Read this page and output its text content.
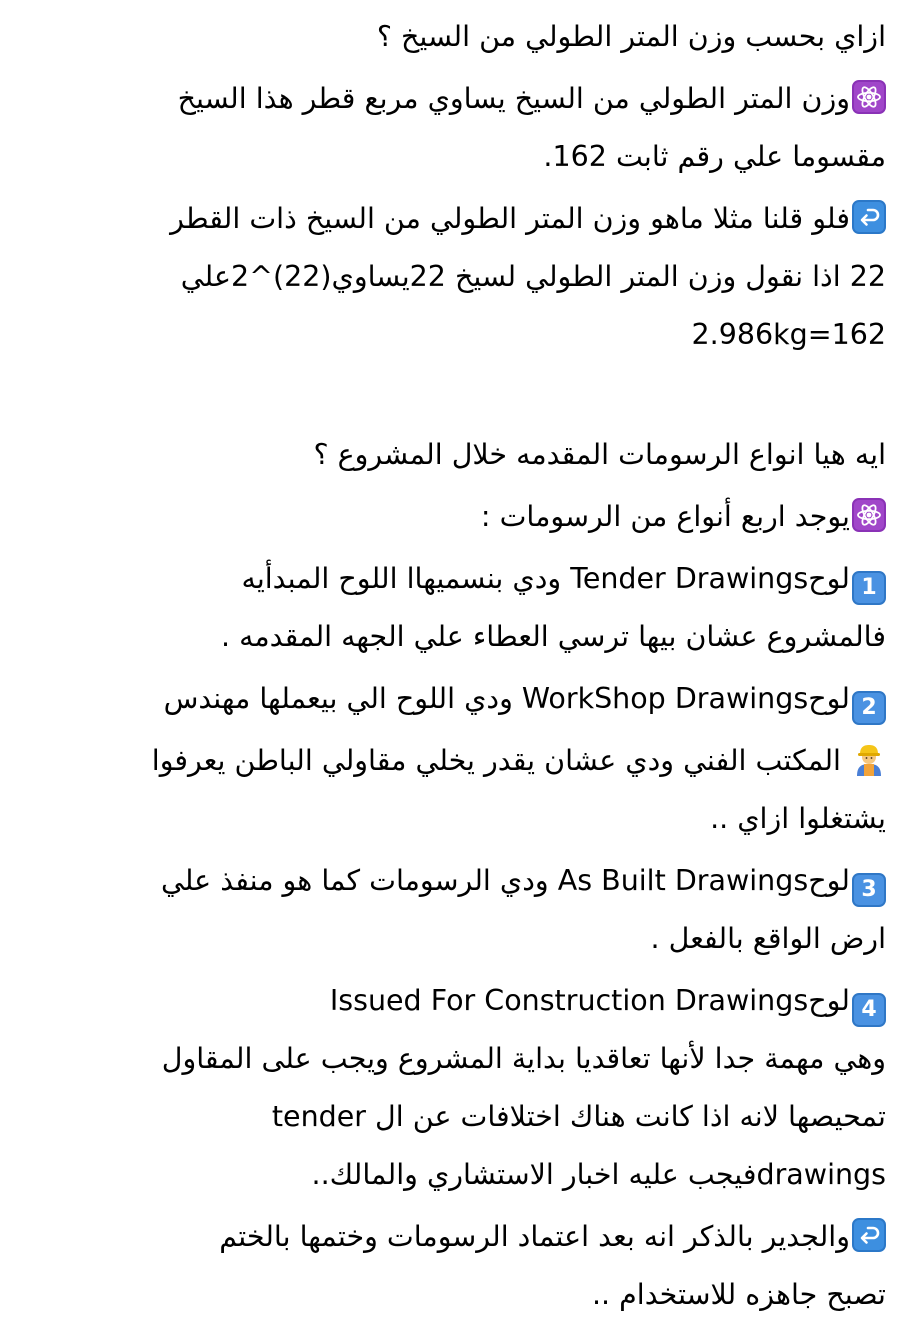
ازاي بحسب وزن المتر الطولي من السيخ ؟
وزن المتر الطولي من السيخ يساوي مربع قطر هذا السيخ
مقسوما علي رقم ثابت 162.
فلو قلنا مثلا ماهو وزن المتر الطولي من السيخ ذات القطر
22 اذا نقول وزن المتر الطولي لسيخ 22يساوي(22)^2علي
2.986kg=162
ايه هيا انواع الرسومات المقدمه خلال المشروع ؟
يوجد اربع أنواع من الرسومات :
1لوحTender Drawings ودي بنسميهاا اللوح المبدأيه
فالمشروع عشان بيها ترسي العطاء علي الجهه المقدمه .
2لوحWorkShop Drawings ودي اللوح الي بيعملها مهندس
المكتب الفني ودي عشان يقدر يخلي مقاولي الباطن يعرفوا
يشتغلوا ازاي ..
3لوحAs Built Drawings ودي الرسومات كما هو منفذ علي
ارض الواقع بالفعل .
4لوحIssued For Construction Drawings
وهي مهمة جدا لأنها تعاقديا بداية المشروع ويجب على المقاول
تمحيصها لانه اذا كانت هناك اختلافات عن ال tender
drawingsفيجب عليه اخبار الاستشاري والمالك..
والجدير بالذكر انه بعد اعتماد الرسومات وختمها بالختم
تصبح جاهزه للاستخدام ..
